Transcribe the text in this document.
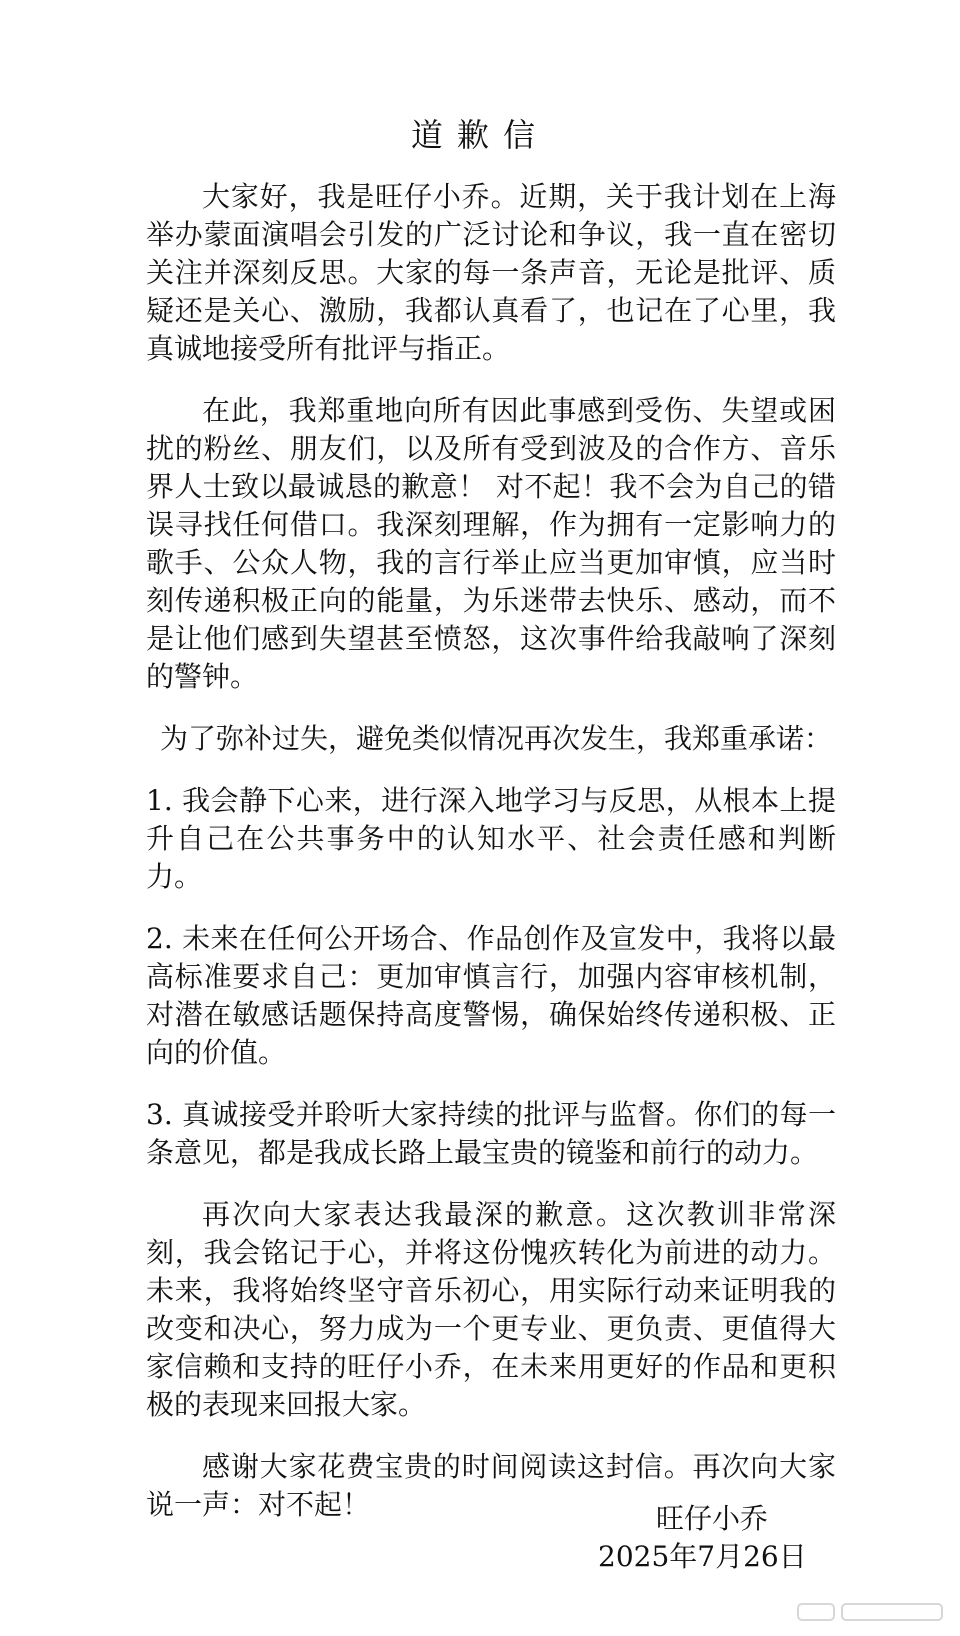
道歉信

大家好，我是旺仔小乔。近期，关于我计划在上海举办蒙面演唱会引发的广泛讨论和争议，我一直在密切关注并深刻反思。大家的每一条声音，无论是批评、质疑还是关心、激励，我都认真看了，也记在了心里，我真诚地接受所有批评与指正。

在此，我郑重地向所有因此事感到受伤、失望或困扰的粉丝、朋友们，以及所有受到波及的合作方、音乐界人士致以最诚恳的歉意！ 对不起！我不会为自己的错误寻找任何借口。我深刻理解，作为拥有一定影响力的歌手、公众人物，我的言行举止应当更加审慎，应当时刻传递积极正向的能量，为乐迷带去快乐、感动，而不是让他们感到失望甚至愤怒，这次事件给我敲响了深刻的警钟。

为了弥补过失，避免类似情况再次发生，我郑重承诺：

1. 我会静下心来，进行深入地学习与反思，从根本上提升自己在公共事务中的认知水平、社会责任感和判断力。

2. 未来在任何公开场合、作品创作及宣发中，我将以最高标准要求自己：更加审慎言行，加强内容审核机制，对潜在敏感话题保持高度警惕，确保始终传递积极、正向的价值。

3. 真诚接受并聆听大家持续的批评与监督。你们的每一条意见，都是我成长路上最宝贵的镜鉴和前行的动力。

再次向大家表达我最深的歉意。这次教训非常深刻，我会铭记于心，并将这份愧疚转化为前进的动力。未来，我将始终坚守音乐初心，用实际行动来证明我的改变和决心，努力成为一个更专业、更负责、更值得大家信赖和支持的旺仔小乔，在未来用更好的作品和更积极的表现来回报大家。

感谢大家花费宝贵的时间阅读这封信。再次向大家说一声：对不起！	旺仔小乔
2025年7月26日
